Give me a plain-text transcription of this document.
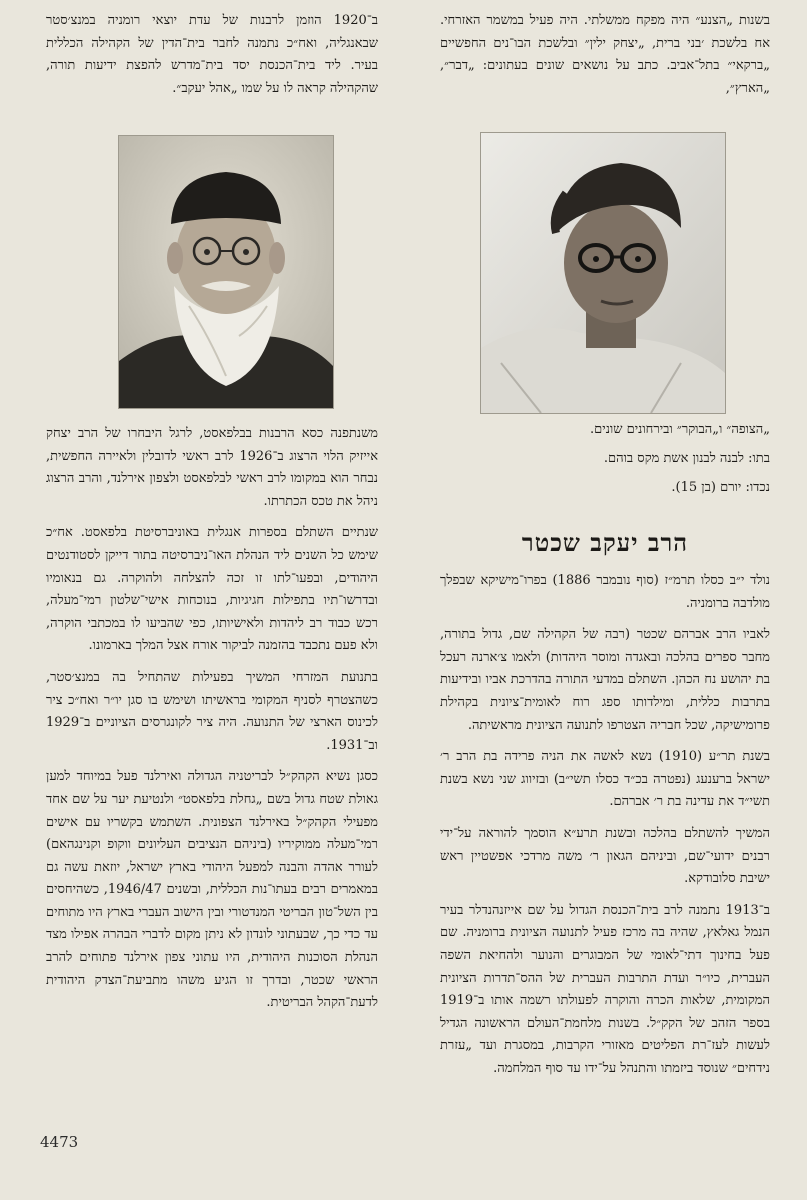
ב־1920 הוזמן לרבנות של עדת יוצאי רומניה במנצ׳סטר שבאנגליה, ואח״כ נתמנה לחבר בית־הדין של הקהילה הכללית בעיר. ליד בית־הכנסת יסד בית־מדרש להפצת ידיעות תורה, שהקהילה קראה לו על שמו „אהל יעקב״.

בשנות „הצנע״ היה מפקח ממשלתי. היה פעיל במשמר האזרחי. אח בלשכת ׳בני ברית, „יצחק ילין״ ובלשכת הבו־נים החפשיים „ברקאי״ בתל־אביב. כתב על נושאים שונים בעתונים: „דבר״, „הארץ״,

משנתפנה כסא הרבנות בבלפאסט, לרגל היבחרו של הרב יצחק אייזיק הלוי הרצוג ב־1926 לרב ראשי לדובלין ולאיירה החפשית, נבחר הוא במקומו לרב ראשי לבלפאסט ולצפון אירלנד, והרב הרצוג ניהל את טכס הכתרתו.

שנתיים השתלם בספרות אנגלית באוניברסיטת בלפאסט. אח״כ שימש כל השנים ליד הנהלת האו־ניברסיטה בתור דייקן לסטודנטים היהודים, ובפעו־לתו זו זכה להצלחה ולהוקרה. גם בנאומיו ובדרשו־תיו בתפילות חגיגיות, בנוכחות אישי־שלטון רמי־מעלה, רכש כבוד רב ליהדות ולאישיותו, כפי שהביעו לו במכתבי הוקרה, ולא פעם נתכבד בהזמנה לביקור אורח אצל המלך בארמונו.

בתנועת המזרחי המשיך בפעילות שהתחיל בה במנצ׳סטר, כשהצטרף לסניף המקומי בראשיתו ושימש בו סגן יו״ר ואח״כ ציר לכינוס הארצי של התנועה. היה ציר לקונגרסים הציוניים ב־1929 וב־1931.

כסגן נשיא הקהק״ל לבריטניה הגדולה ואירלנד פעל במיוחד למען גאולת שטח גדול בשם „גחלת בלפאסט״ ולנטיעת יער על שם אחד מפעילי הקהק״ל באירלנד הצפונית. השתמש בקשריו עם אישים רמי־מעלה ממוקיריו (ביניהם הנציבים העליונים ווקופ וקנינגהאם) לעורר אהדה והבנה למפעל היהודי בארץ ישראל, יוזאת עשה גם במאמרים רבים בעתו־נות הכללית, ובשנים 1946/47, כשהיחסים בין השל־טון הבריטי המנדטורי ובין הישוב העברי בארץ היו מתוחים עד כדי כך, שבעתוני לונדון לא ניתן מקום לדברי הבהרה אפילו מצד הנהלת הסוכנות היהודית, היו עתוני צפון אירלנד פתוחים להרב הראשי שכטר, ובדרך זו הגיע משהו מתביעת־הצדק היהודית לדעת־הקהל הבריטית.

„הצופה״ ו„הבוקר״ ובירחונים שונים.

בתו: לבנה לבנון אשת מקס בוהם.

נכדו: יורם (בן 15).

הרב יעקב שכטר

נולד י״ב כסלו תרמ״ז (סוף נובמבר 1886) בפרו־מישיקא שבפלך מולדבה ברומניה.

לאביו הרב אברהם שכטר (רבה של הקהילה שם, גדול בתורה, מחבר ספרים בהלכה ובאגדה ומוסר היהדות) ולאמו צ׳ארנה רעכל בת יהושע נח הכהן. השתלם במדעי התורה בהדרכת אביו ובידיעות בתרבות כללית, ומילדותו ספג רוח לאומית־ציונית בקהילת פרומישיקה, שכל חבריה הצטרפו לתנועה הציונית מראשיתה.

בשנת תר״ע (1910) נשא לאשה את הניה פרידה בת הרב ר׳ ישראל ברענעג (נפטרה בכ״ד כסלו תשי״ב) ובזיווג שני נשא בשנת תשי״ד את עדינה בת ר׳ אברהם.

המשיך להשתלם בהלכה ובשנת תרע״א הוסמך להוראה על־ידי רבנים ידועי־שם, וביניהם הגאון ר׳ משה מרדכי אפשטיין ראש ישיבת סלובודקא.

ב־1913 נתמנה לרב בית־הכנסת הגדול על שם אייזנהנדלר בעיר הנמל גאלאץ, שהיה בה מרכז פעיל לתנועה הציונית ברומניה. שם פעל בחינוך דתי־לאומי של המבוגרים והנוער ולהחיאת השפה העברית, כיו״ר ועדת התרבות העברית של ההס־תדרות הציונית המקומית, שלאות הכרה והוקרה לפעולתו רשמה אותו ב־1919 בספר הזהב של הקק״ל. בשנות מלחמת־העולם הראשונה הגדיל לעשות לעז־רת הפליטים מאזורי הקרבות, במסגרת ועד „עזרת נידחים״ שנוסד ביזמתו והתנהל על־ידו עד סוף המלחמה.

4473
